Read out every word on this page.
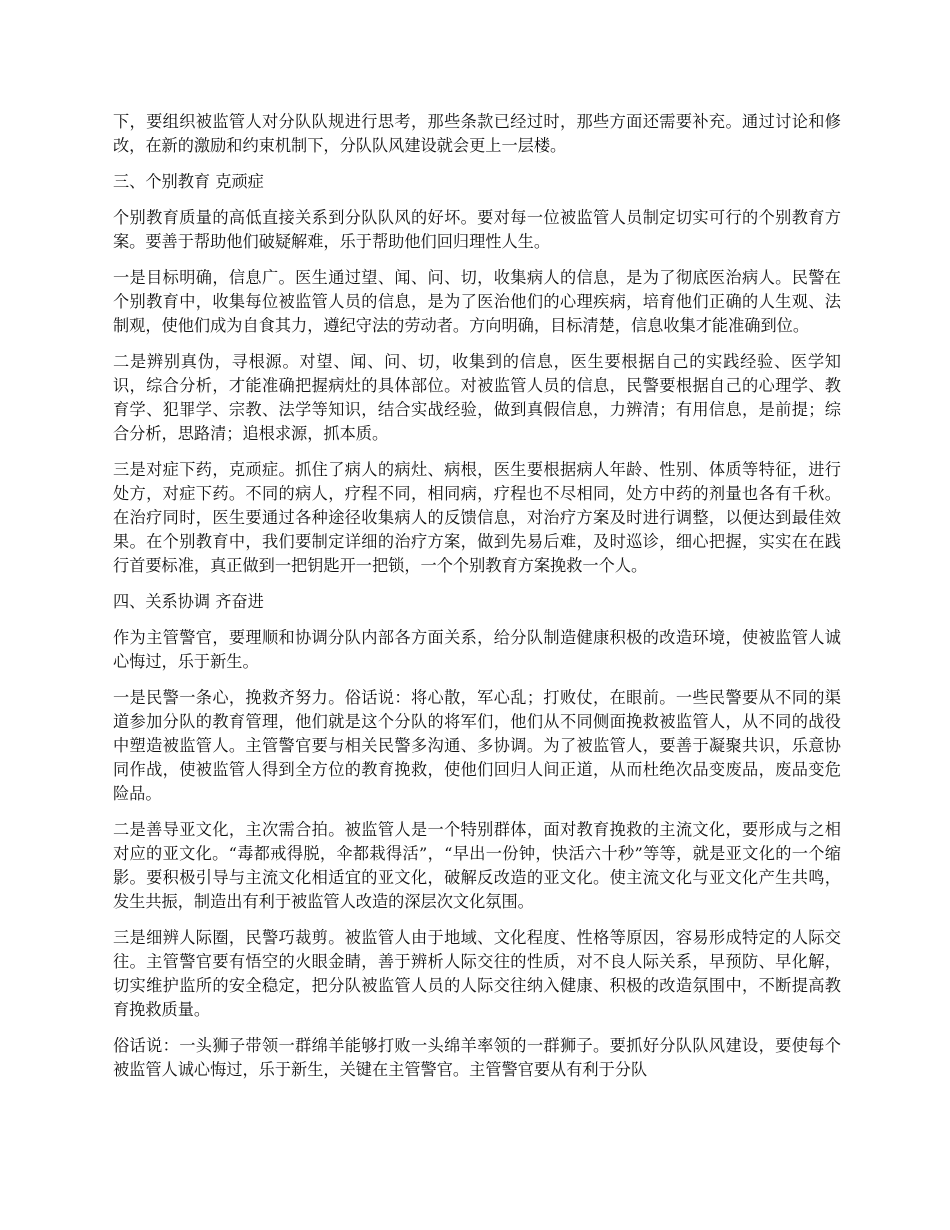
下，要组织被监管人对分队队规进行思考，那些条款已经过时，那些方面还需要补充。通过讨论和修改，在新的激励和约束机制下，分队队风建设就会更上一层楼。

三、个别教育 克顽症

个别教育质量的高低直接关系到分队队风的好坏。要对每一位被监管人员制定切实可行的个别教育方案。要善于帮助他们破疑解难，乐于帮助他们回归理性人生。

一是目标明确，信息广。医生通过望、闻、问、切，收集病人的信息，是为了彻底医治病人。民警在个别教育中，收集每位被监管人员的信息，是为了医治他们的心理疾病，培育他们正确的人生观、法制观，使他们成为自食其力，遵纪守法的劳动者。方向明确，目标清楚，信息收集才能准确到位。

二是辨别真伪，寻根源。对望、闻、问、切，收集到的信息，医生要根据自己的实践经验、医学知识，综合分析，才能准确把握病灶的具体部位。对被监管人员的信息，民警要根据自己的心理学、教育学、犯罪学、宗教、法学等知识，结合实战经验，做到真假信息，力辨清；有用信息，是前提；综合分析，思路清；追根求源，抓本质。

三是对症下药，克顽症。抓住了病人的病灶、病根，医生要根据病人年龄、性别、体质等特征，进行处方，对症下药。不同的病人，疗程不同，相同病，疗程也不尽相同，处方中药的剂量也各有千秋。在治疗同时，医生要通过各种途径收集病人的反馈信息，对治疗方案及时进行调整，以便达到最佳效果。在个别教育中，我们要制定详细的治疗方案，做到先易后难，及时巡诊，细心把握，实实在在践行首要标准，真正做到一把钥匙开一把锁，一个个别教育方案挽救一个人。

四、关系协调 齐奋进

作为主管警官，要理顺和协调分队内部各方面关系，给分队制造健康积极的改造环境，使被监管人诚心悔过，乐于新生。

一是民警一条心，挽救齐努力。俗话说：将心散，军心乱；打败仗，在眼前。一些民警要从不同的渠道参加分队的教育管理，他们就是这个分队的将军们，他们从不同侧面挽救被监管人，从不同的战役中塑造被监管人。主管警官要与相关民警多沟通、多协调。为了被监管人，要善于凝聚共识，乐意协同作战，使被监管人得到全方位的教育挽救，使他们回归人间正道，从而杜绝次品变废品，废品变危险品。

二是善导亚文化，主次需合拍。被监管人是一个特别群体，面对教育挽救的主流文化，要形成与之相对应的亚文化。“毒都戒得脱，伞都栽得活”，“早出一份钟，快活六十秒”等等，就是亚文化的一个缩影。要积极引导与主流文化相适宜的亚文化，破解反改造的亚文化。使主流文化与亚文化产生共鸣，发生共振，制造出有利于被监管人改造的深层次文化氛围。

三是细辨人际圈，民警巧裁剪。被监管人由于地域、文化程度、性格等原因，容易形成特定的人际交往。主管警官要有悟空的火眼金睛，善于辨析人际交往的性质，对不良人际关系，早预防、早化解，切实维护监所的安全稳定，把分队被监管人员的人际交往纳入健康、积极的改造氛围中，不断提高教育挽救质量。

俗话说：一头狮子带领一群绵羊能够打败一头绵羊率领的一群狮子。要抓好分队队风建设，要使每个被监管人诚心悔过，乐于新生，关键在主管警官。主管警官要从有利于分队
